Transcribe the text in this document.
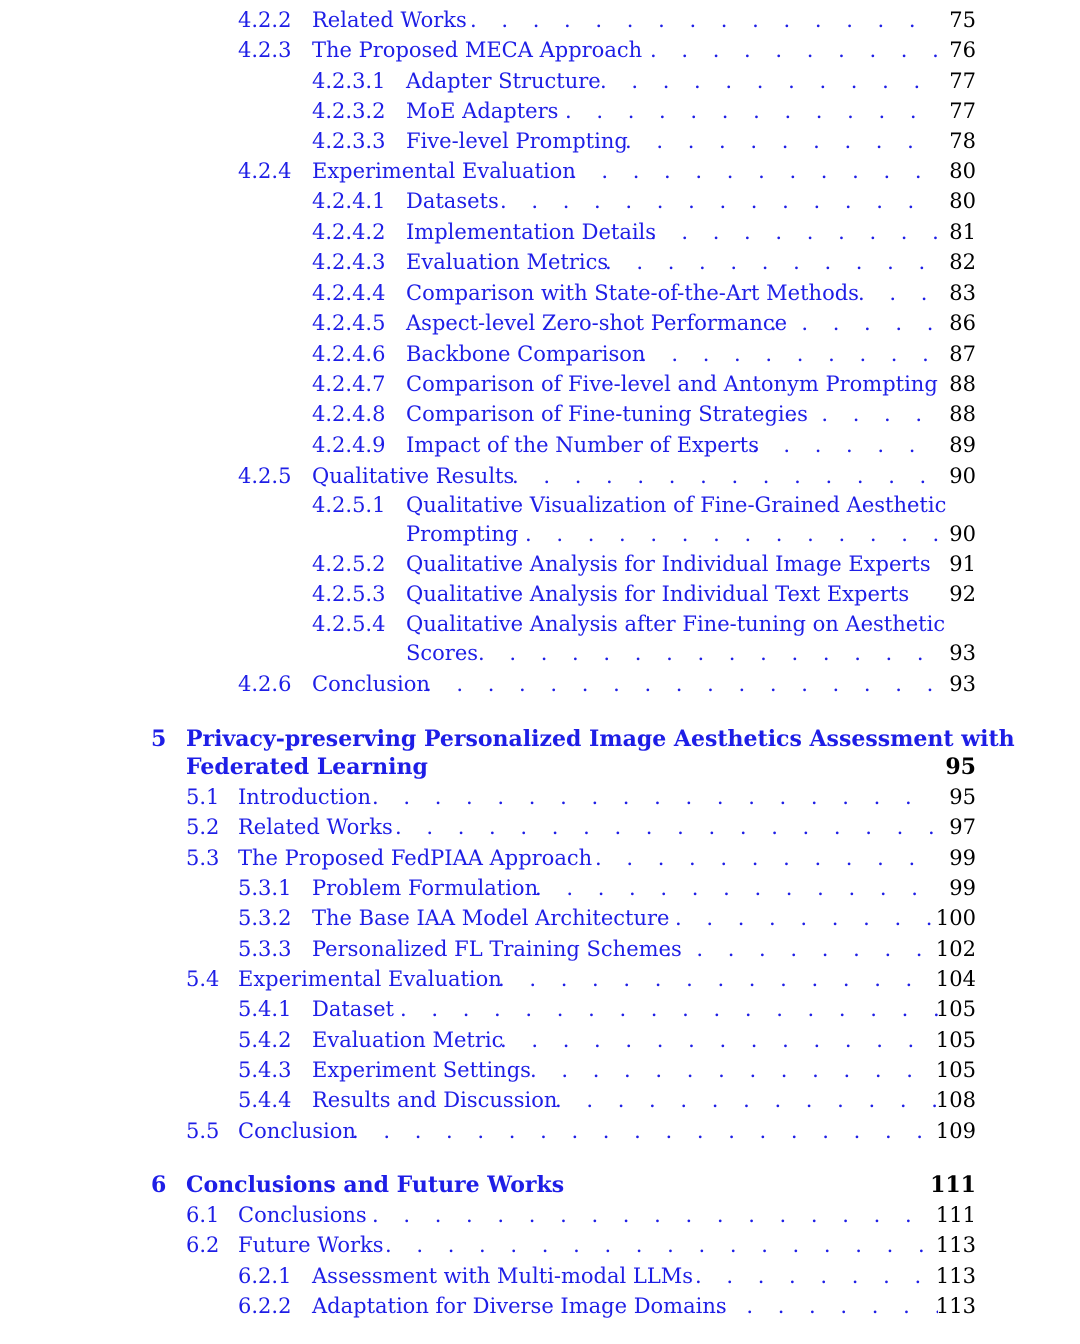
4.2.2 Related Works . . .	75
4.2.3 The Proposed MECA Approach . . .	76
4.2.3.1 Adapter Structure . . .	77
4.2.3.2 MoE Adapters . . .	77
4.2.3.3 Five-level Prompting . . .	78
4.2.4 Experimental Evaluation . . .	80
4.2.4.1 Datasets . . .	80
4.2.4.2 Implementation Details . . .	81
4.2.4.3 Evaluation Metrics . . .	82
4.2.4.4 Comparison with State-of-the-Art Methods . . .	83
4.2.4.5 Aspect-level Zero-shot Performance . . .	86
4.2.4.6 Backbone Comparison . . .	87
4.2.4.7 Comparison of Five-level and Antonym Prompting 88
4.2.4.8 Comparison of Fine-tuning Strategies . . .	88
4.2.4.9 Impact of the Number of Experts . . .	89
4.2.5 Qualitative Results . . .	90
4.2.5.1 Qualitative Visualization of Fine-Grained Aesthetic
Prompting . . .	90
4.2.5.2 Qualitative Analysis for Individual Image Experts 91
4.2.5.3 Qualitative Analysis for Individual Text Experts 92
4.2.5.4 Qualitative Analysis after Fine-tuning on Aesthetic
Scores . . .	93
4.2.6 Conclusion . . .	93
5 Privacy-preserving Personalized Image Aesthetics Assessment with
Federated Learning	95
5.1 Introduction . . .	95
5.2 Related Works . . .	97
5.3 The Proposed FedPIAA Approach . . .	99
5.3.1 Problem Formulation . . .	99
5.3.2 The Base IAA Model Architecture . . .	100
5.3.3 Personalized FL Training Schemes . . .	102
5.4 Experimental Evaluation . . .	104
5.4.1 Dataset . . .	105
5.4.2 Evaluation Metric . . .	105
5.4.3 Experiment Settings . . .	105
5.4.4 Results and Discussion . . .	108
5.5 Conclusion . . .	109
6 Conclusions and Future Works	111
6.1 Conclusions . . .	111
6.2 Future Works . . .	113
6.2.1 Assessment with Multi-modal LLMs . . .	113
6.2.2 Adaptation for Diverse Image Domains . . .	113
